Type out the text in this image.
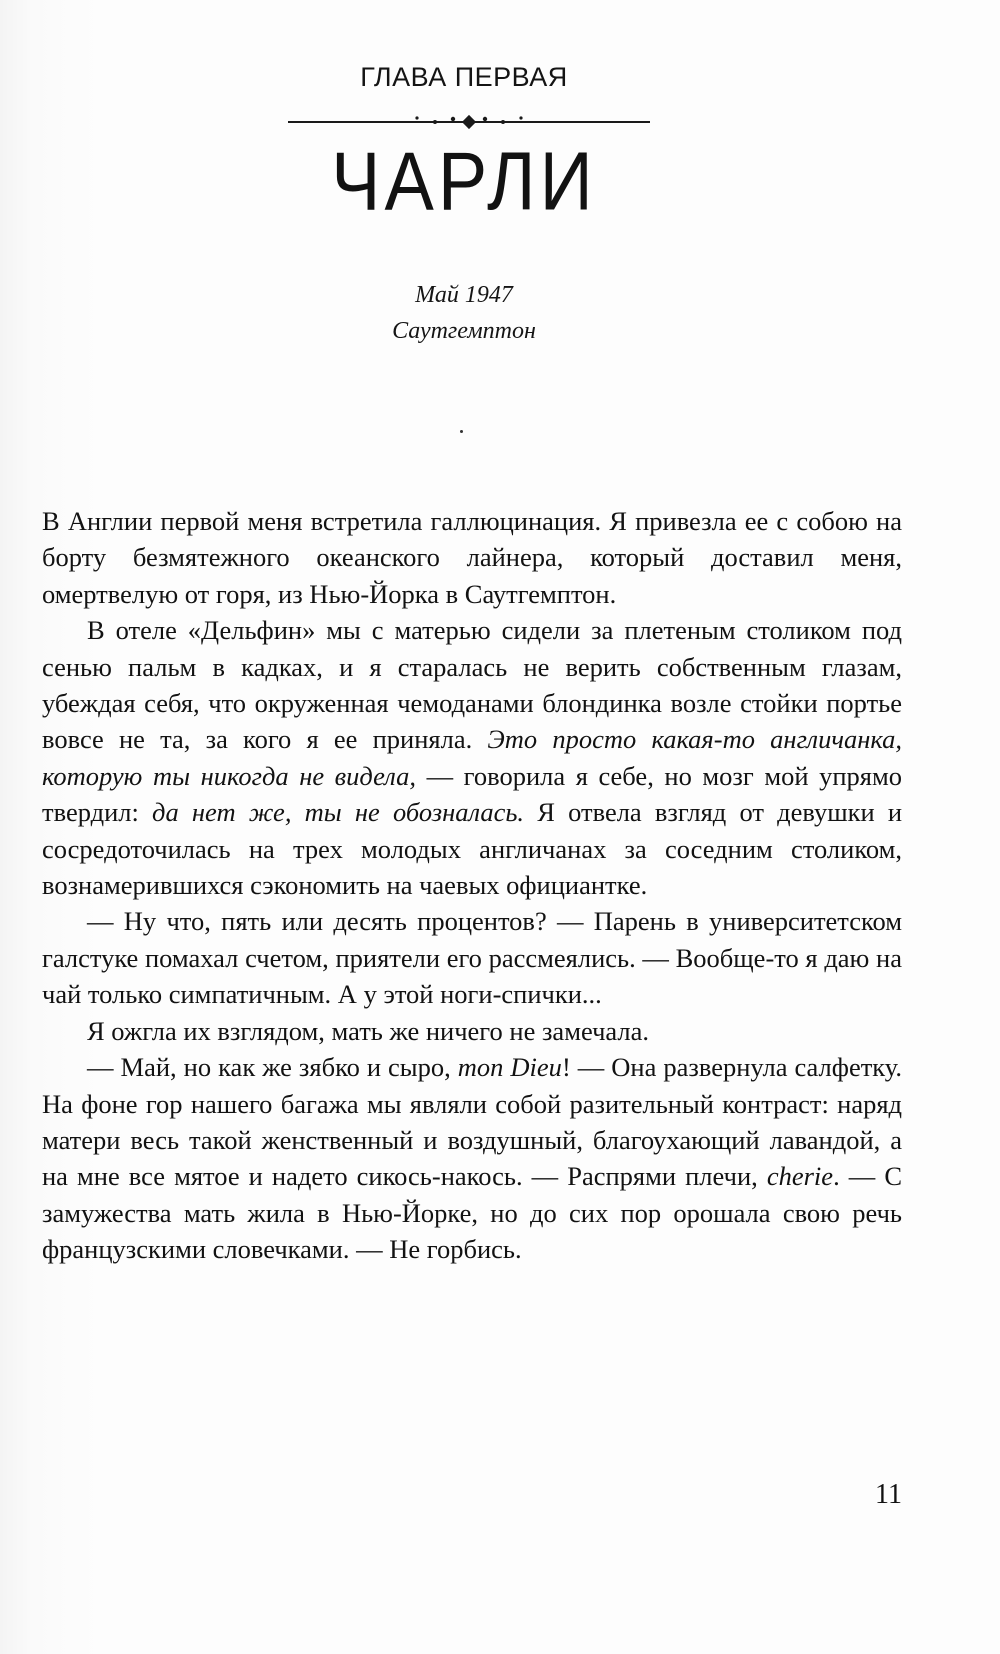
ГЛАВА ПЕРВАЯ
ЧАРЛИ
Май 1947
Саутгемптон

В Англии первой меня встретила галлюцинация. Я привезла ее с собою на борту безмятежного океанского лайнера, который доставил меня, омертвелую от горя, из Нью-Йорка в Саутгемптон.

В отеле «Дельфин» мы с матерью сидели за плетеным столиком под сенью пальм в кадках, и я старалась не верить собственным глазам, убеждая себя, что окруженная чемоданами блондинка возле стойки портье вовсе не та, за кого я ее приняла. Это просто какая-то англичанка, которую ты никогда не видела, — говорила я себе, но мозг мой упрямо твердил: да нет же, ты не обозналась. Я отвела взгляд от девушки и сосредоточилась на трех молодых англичанах за соседним столиком, вознамерившихся сэкономить на чаевых официантке.

— Ну что, пять или десять процентов? — Парень в университетском галстуке помахал счетом, приятели его рассмеялись. — Вообще-то я даю на чай только симпатичным. А у этой ноги-спички...

Я ожгла их взглядом, мать же ничего не замечала.

— Май, но как же зябко и сыро, mon Dieu! — Она развернула салфетку. На фоне гор нашего багажа мы являли собой разительный контраст: наряд матери весь такой женственный и воздушный, благоухающий лавандой, а на мне все мятое и надето сикось-накось. — Распрями плечи, cherie. — С замужества мать жила в Нью-Йорке, но до сих пор орошала свою речь французскими словечками. — Не горбись.

11
